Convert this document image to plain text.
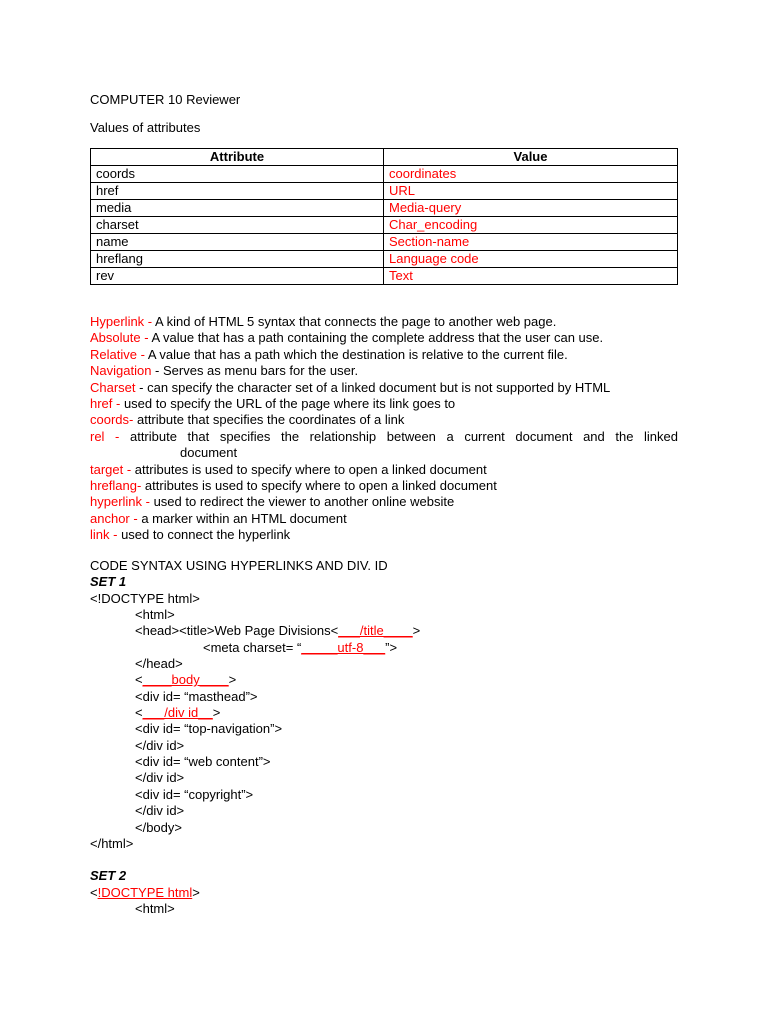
COMPUTER 10 Reviewer
Values of attributes
Attribute	Value
coords	coordinates
href	URL
media	Media-query
charset	Char_encoding
name	Section-name
hreflang	Language code
rev	Text
Hyperlink - A kind of HTML 5 syntax that connects the page to another web page.
Absolute - A value that has a path containing the complete address that the user can use.
Relative - A value that has a path which the destination is relative to the current file.
Navigation - Serves as menu bars for the user.
Charset - can specify the character set of a linked document but is not supported by HTML
href - used to specify the URL of the page where its link goes to
coords- attribute that specifies the coordinates of a link
rel - attribute that specifies the relationship between a current document and the linked
document
target - attributes is used to specify where to open a linked document
hreflang- attributes is used to specify where to open a linked document
hyperlink - used to redirect the viewer to another online website
anchor - a marker within an HTML document
link - used to connect the hyperlink
CODE SYNTAX USING HYPERLINKS AND DIV. ID
SET 1
<!DOCTYPE html>
<html>
<head><title>Web Page Divisions<___/title____>
<meta charset= “_____utf-8___”>
</head>
<____body____>
<div id= “masthead”>
<___/div id__>
<div id= “top-navigation”>
</div id>
<div id= “web content”>
</div id>
<div id= “copyright”>
</div id>
</body>
</html>
SET 2
<!DOCTYPE html>
<html>
